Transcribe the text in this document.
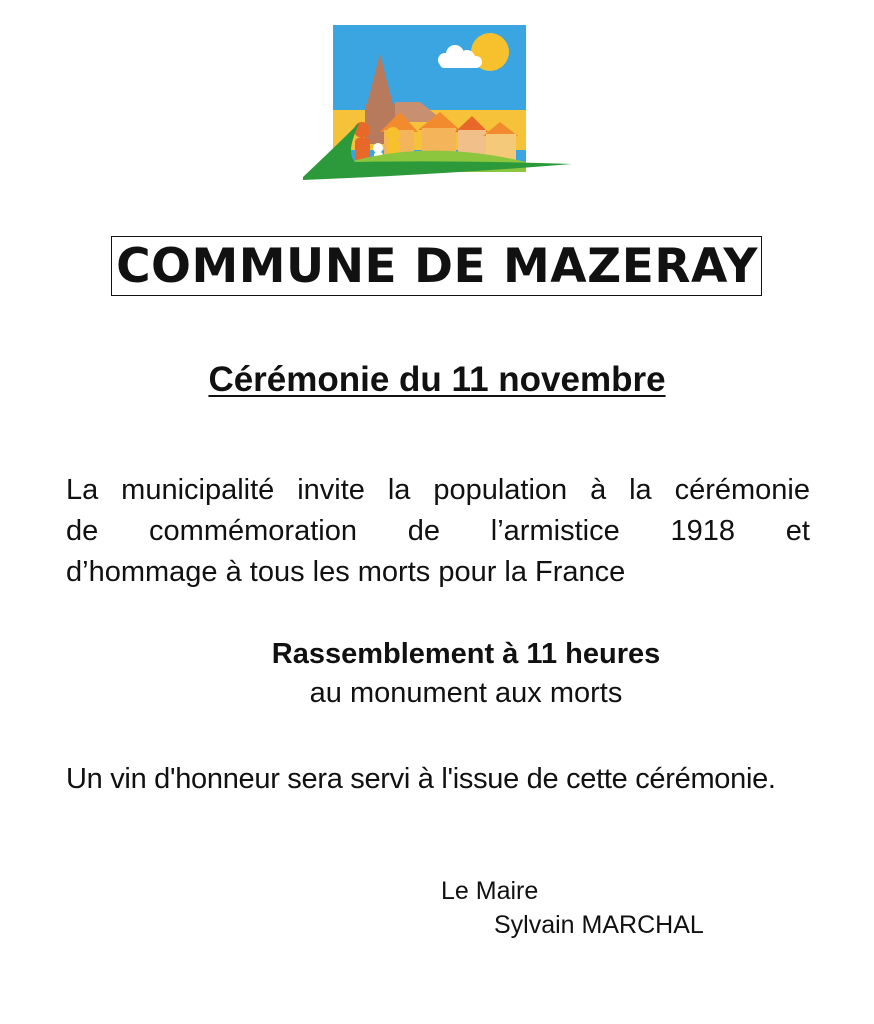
COMMUNE DE MAZERAY
Cérémonie du 11 novembre
La municipalité invite la population à la cérémonie
de commémoration de l’armistice 1918 et
d’hommage à tous les morts pour la France
Rassemblement à 11 heures
au monument aux morts
Un vin d'honneur sera servi à l'issue de cette cérémonie.
Le Maire
Sylvain MARCHAL
